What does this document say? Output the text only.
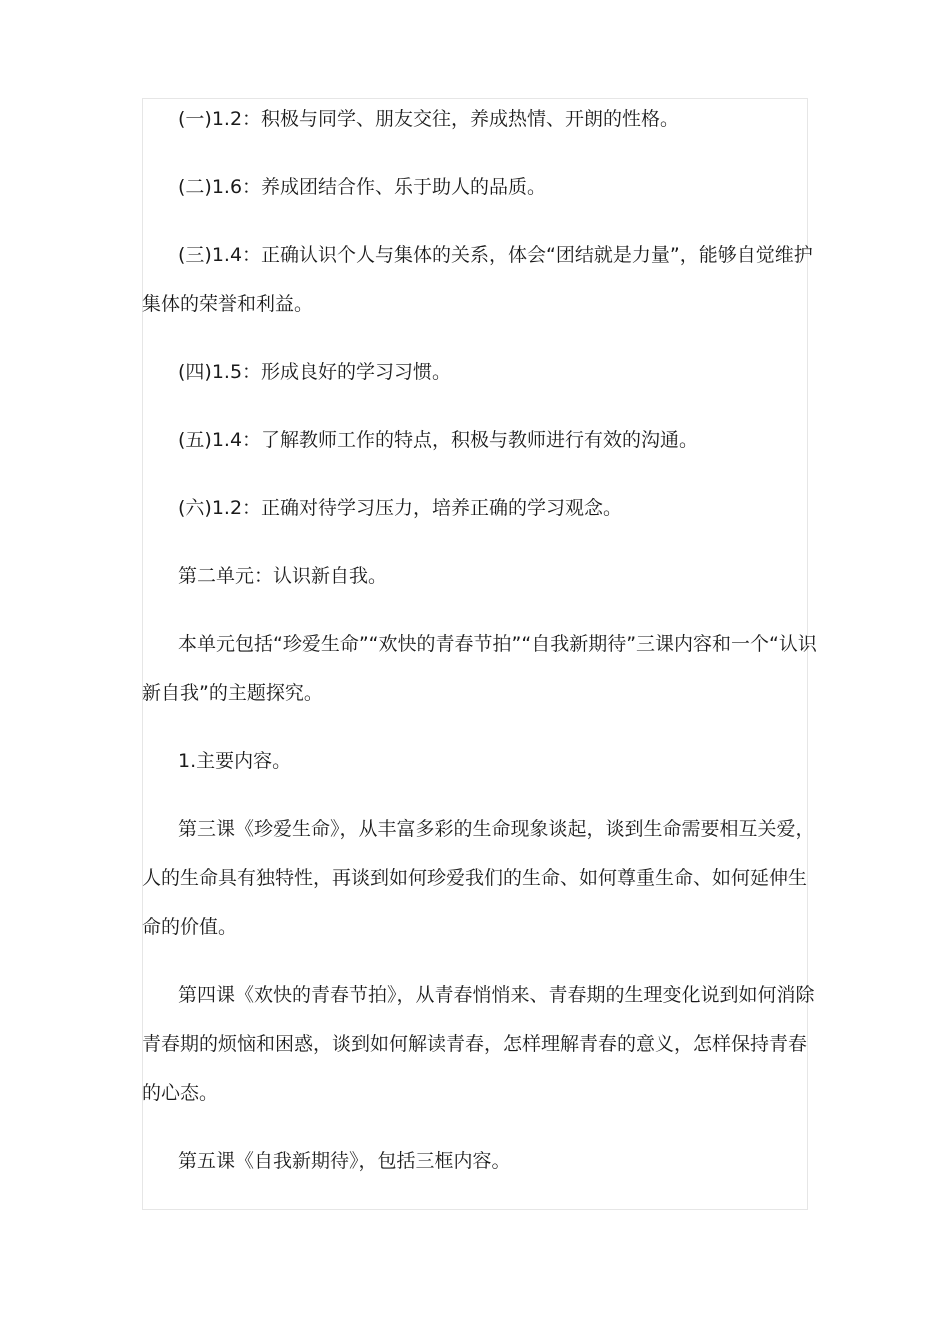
(一)1.2：积极与同学、朋友交往，养成热情、开朗的性格。

(二)1.6：养成团结合作、乐于助人的品质。

(三)1.4：正确认识个人与集体的关系，体会“团结就是力量”，能够自觉维护集体的荣誉和利益。

(四)1.5：形成良好的学习习惯。

(五)1.4：了解教师工作的特点，积极与教师进行有效的沟通。

(六)1.2：正确对待学习压力，培养正确的学习观念。

第二单元：认识新自我。

本单元包括“珍爱生命”“欢快的青春节拍”“自我新期待”三课内容和一个“认识新自我”的主题探究。

1.主要内容。

第三课《珍爱生命》，从丰富多彩的生命现象谈起，谈到生命需要相互关爱，人的生命具有独特性，再谈到如何珍爱我们的生命、如何尊重生命、如何延伸生命的价值。

第四课《欢快的青春节拍》，从青春悄悄来、青春期的生理变化说到如何消除青春期的烦恼和困惑，谈到如何解读青春，怎样理解青春的意义，怎样保持青春的心态。

第五课《自我新期待》，包括三框内容。
